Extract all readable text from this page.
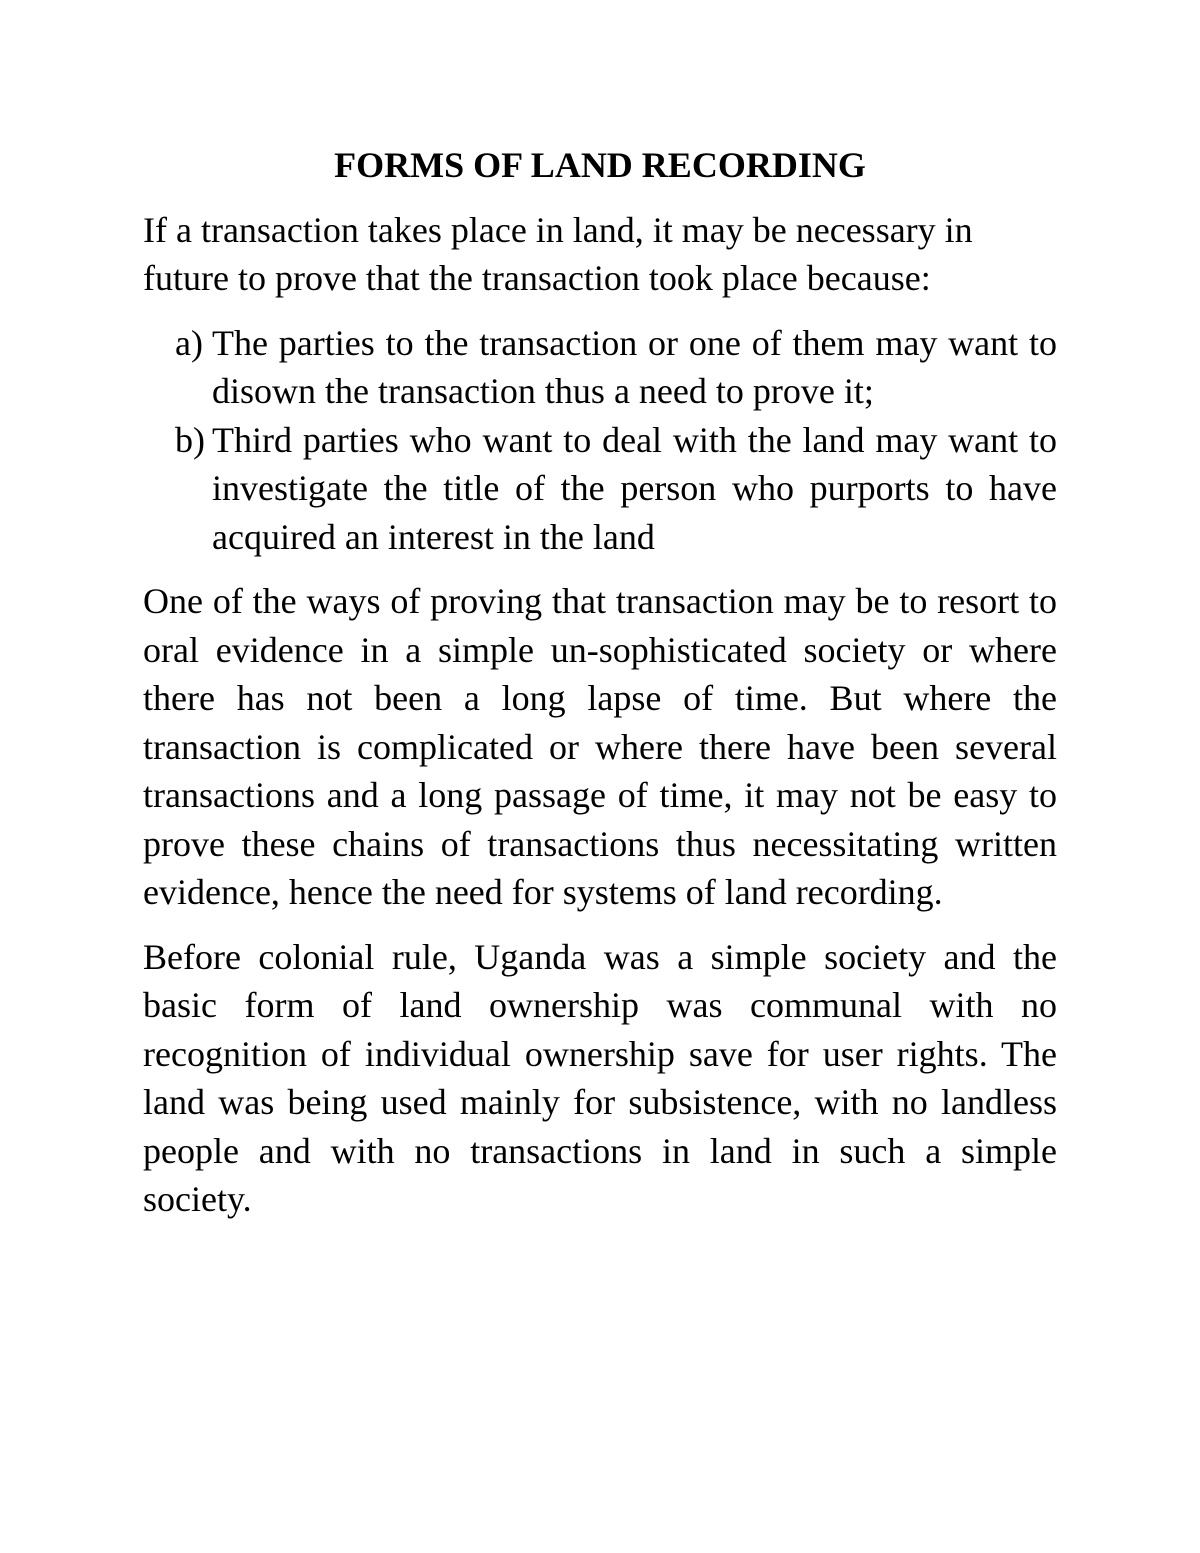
FORMS OF LAND RECORDING

If a transaction takes place in land, it may be necessary in future to prove that the transaction took place because:

a) The parties to the transaction or one of them may want to disown the transaction thus a need to prove it;
b) Third parties who want to deal with the land may want to investigate the title of the person who purports to have acquired an interest in the land

One of the ways of proving that transaction may be to resort to oral evidence in a simple un-sophisticated society or where there has not been a long lapse of time. But where the transaction is complicated or where there have been several transactions and a long passage of time, it may not be easy to prove these chains of transactions thus necessitating written evidence, hence the need for systems of land recording.

Before colonial rule, Uganda was a simple society and the basic form of land ownership was communal with no recognition of individual ownership save for user rights. The land was being used mainly for subsistence, with no landless people and with no transactions in land in such a simple society.
